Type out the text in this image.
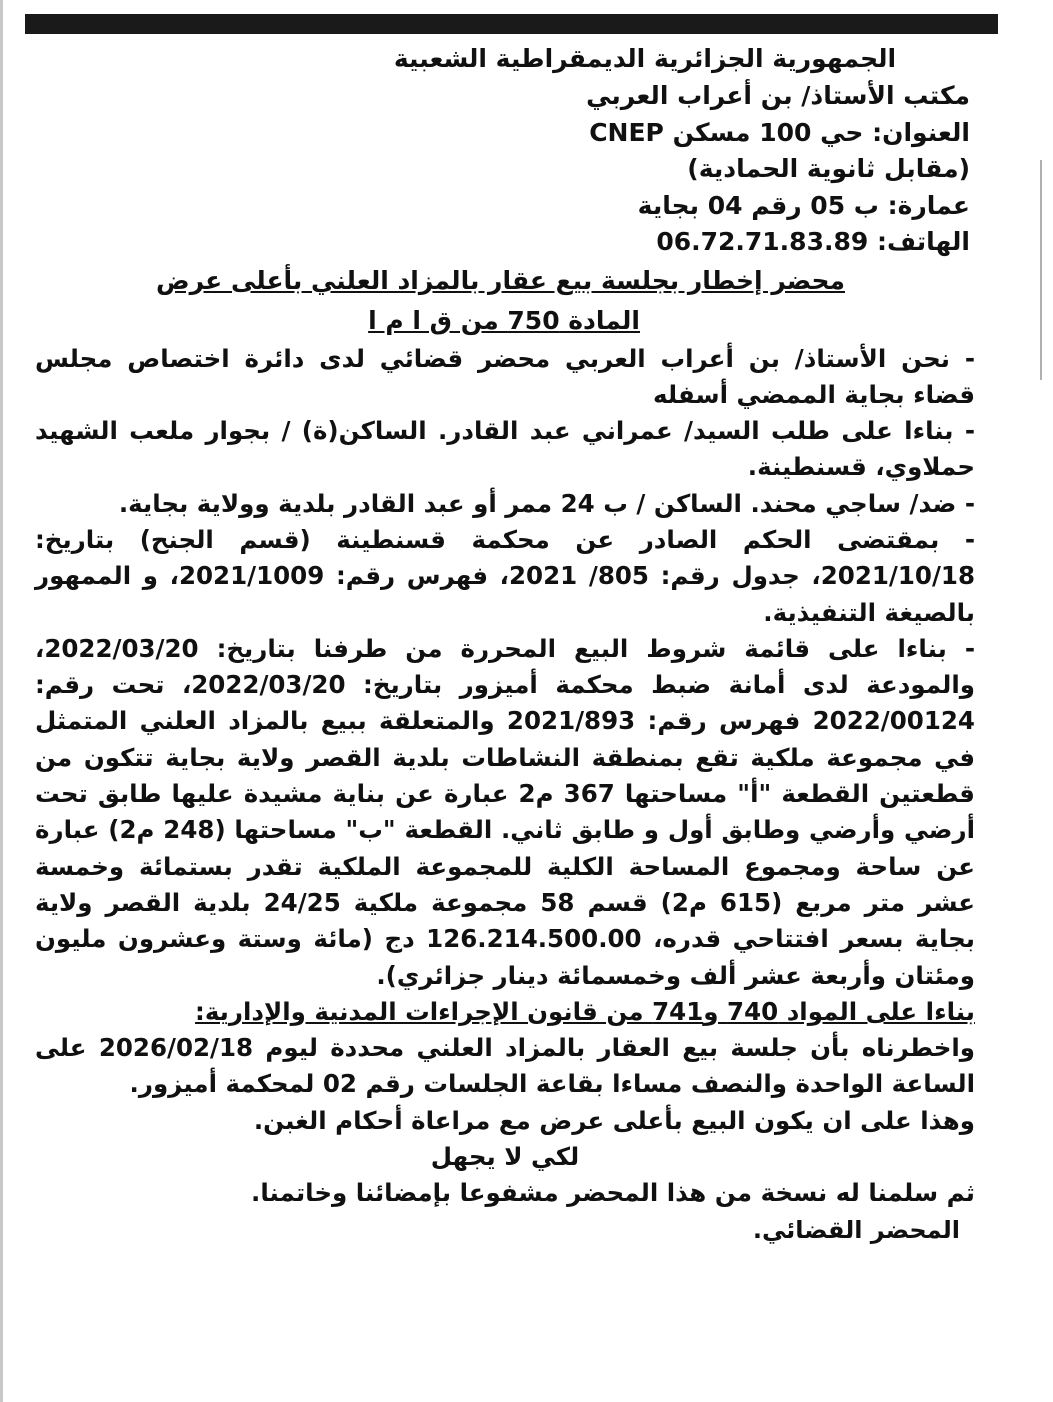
الجمهورية الجزائرية الديمقراطية الشعبية

مكتب الأستاذ/ بن أعراب العربي

العنوان: حي 100 مسكن CNEP

(مقابل ثانوية الحمادية)

عمارة: ب 05 رقم 04 بجاية

الهاتف: 06.72.71.83.89

محضر إخطار بجلسة بيع عقار بالمزاد العلني بأعلى عرض

المادة 750 من ق ا م ا

- نحن الأستاذ/ بن أعراب العربي محضر قضائي لدى دائرة اختصاص مجلس قضاء بجاية الممضي أسفله

- بناءا على طلب السيد/ عمراني عبد القادر. الساكن(ة) / بجوار ملعب الشهيد حملاوي، قسنطينة.

- ضد/ ساجي محند. الساكن / ب 24 ممر أو عبد القادر بلدية وولاية بجاية.

- بمقتضى الحكم الصادر عن محكمة قسنطينة (قسم الجنح) بتاريخ: 2021/10/18، جدول رقم: 805/ 2021، فهرس رقم: 2021/1009، و الممهور بالصيغة التنفيذية.

- بناءا على قائمة شروط البيع المحررة من طرفنا بتاريخ: 2022/03/20، والمودعة لدى أمانة ضبط محكمة أميزور بتاريخ: 2022/03/20، تحت رقم: 2022/00124 فهرس رقم: 2021/893 والمتعلقة ببيع بالمزاد العلني المتمثل في مجموعة ملكية تقع بمنطقة النشاطات بلدية القصر ولاية بجاية تتكون من قطعتين القطعة "أ" مساحتها 367 م2 عبارة عن بناية مشيدة عليها طابق تحت أرضي وأرضي وطابق أول و طابق ثاني. القطعة "ب" مساحتها (248 م2) عبارة عن ساحة ومجموع المساحة الكلية للمجموعة الملكية تقدر بستمائة وخمسة عشر متر مربع (615 م2) قسم 58 مجموعة ملكية 24/25 بلدية القصر ولاية بجاية بسعر افتتاحي قدره، 126.214.500.00 دج (مائة وستة وعشرون مليون ومئتان وأربعة عشر ألف وخمسمائة دينار جزائري).

بناءا على المواد 740 و741 من قانون الإجراءات المدنية والإدارية:

واخطرناه بأن جلسة بيع العقار بالمزاد العلني محددة ليوم 2026/02/18 على الساعة الواحدة والنصف مساءا بقاعة الجلسات رقم 02 لمحكمة أميزور.

وهذا على ان يكون البيع بأعلى عرض مع مراعاة أحكام الغبن.

لكي لا يجهل

ثم سلمنا له نسخة من هذا المحضر مشفوعا بإمضائنا وخاتمنا.

المحضر القضائي.
